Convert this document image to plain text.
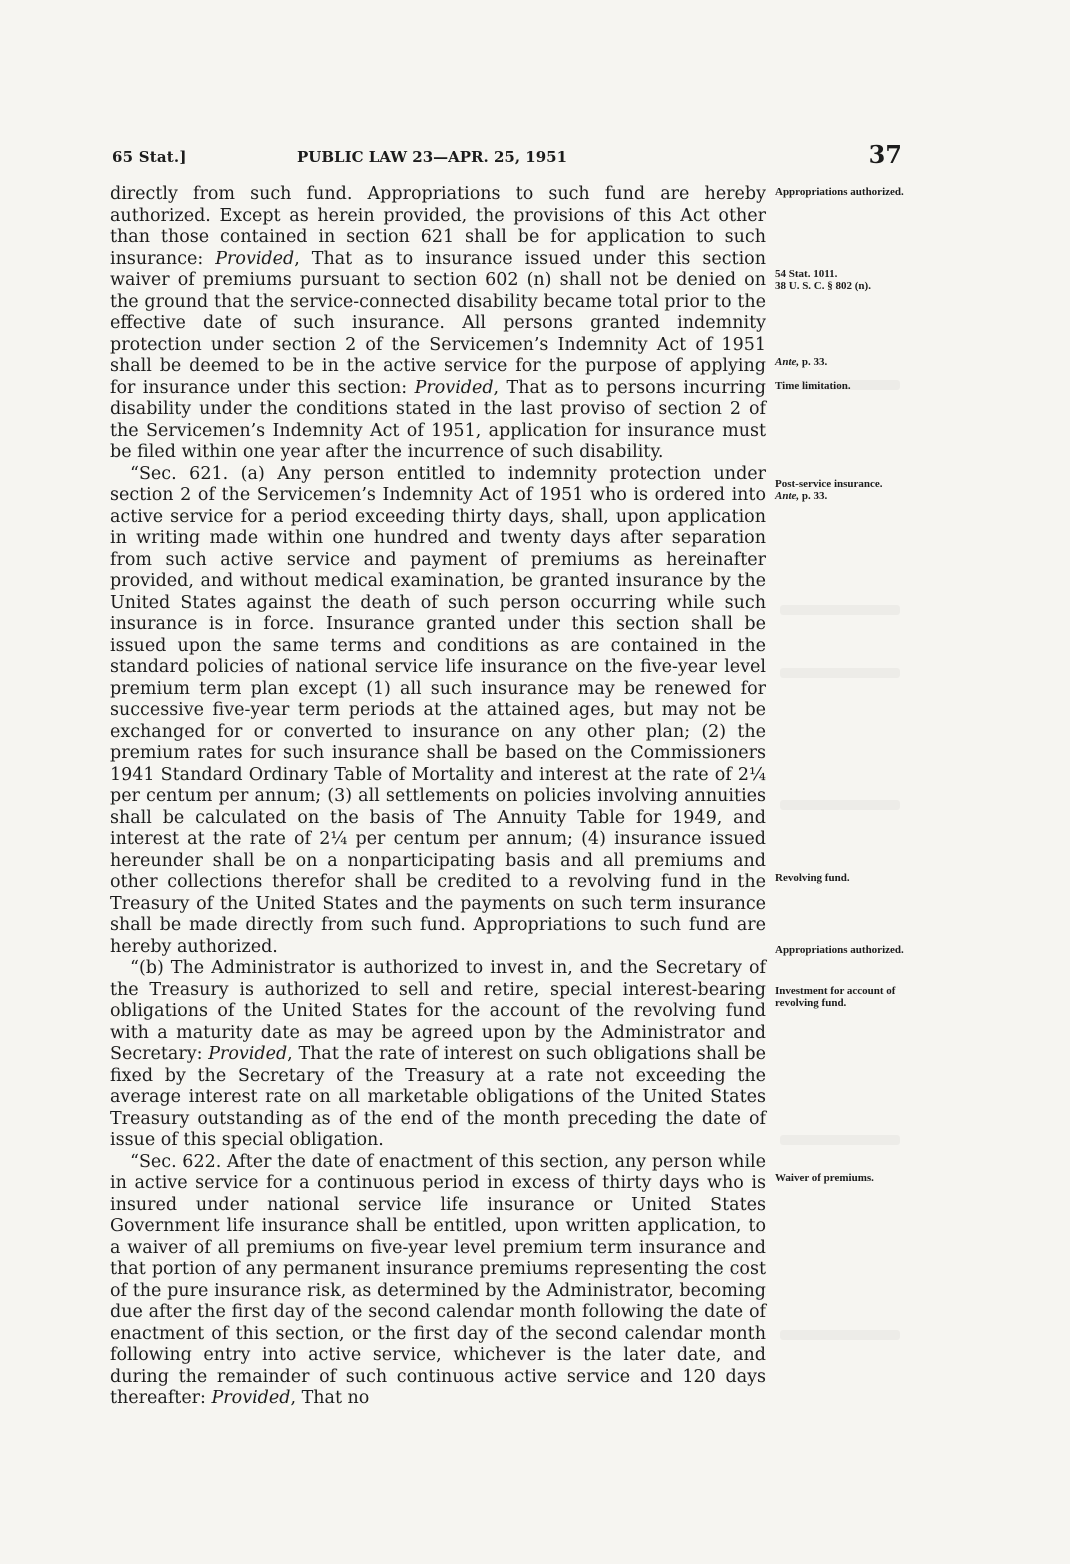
65 Stat.]	PUBLIC LAW 23—APR. 25, 1951	37

directly from such fund. Appropriations to such fund are hereby authorized. Except as herein provided, the provisions of this Act other than those contained in section 621 shall be for application to such insurance: Provided, That as to insurance issued under this section waiver of premiums pursuant to section 602 (n) shall not be denied on the ground that the service-connected disability became total prior to the effective date of such insurance. All persons granted indemnity protection under section 2 of the Servicemen’s Indemnity Act of 1951 shall be deemed to be in the active service for the purpose of applying for insurance under this section: Provided, That as to persons incurring disability under the conditions stated in the last proviso of section 2 of the Servicemen’s Indemnity Act of 1951, application for insurance must be filed within one year after the incurrence of such disability.

“Sec. 621. (a) Any person entitled to indemnity protection under section 2 of the Servicemen’s Indemnity Act of 1951 who is ordered into active service for a period exceeding thirty days, shall, upon application in writing made within one hundred and twenty days after separation from such active service and payment of premiums as hereinafter provided, and without medical examination, be granted insurance by the United States against the death of such person occurring while such insurance is in force. Insurance granted under this section shall be issued upon the same terms and conditions as are contained in the standard policies of national service life insurance on the five-year level premium term plan except (1) all such insurance may be renewed for successive five-year term periods at the attained ages, but may not be exchanged for or converted to insurance on any other plan; (2) the premium rates for such insurance shall be based on the Commissioners 1941 Standard Ordinary Table of Mortality and interest at the rate of 2¼ per centum per annum; (3) all settlements on policies involving annuities shall be calculated on the basis of The Annuity Table for 1949, and interest at the rate of 2¼ per centum per annum; (4) insurance issued hereunder shall be on a nonparticipating basis and all premiums and other collections therefor shall be credited to a revolving fund in the Treasury of the United States and the payments on such term insurance shall be made directly from such fund. Appropriations to such fund are hereby authorized.

“(b) The Administrator is authorized to invest in, and the Secretary of the Treasury is authorized to sell and retire, special interest-bearing obligations of the United States for the account of the revolving fund with a maturity date as may be agreed upon by the Administrator and Secretary: Provided, That the rate of interest on such obligations shall be fixed by the Secretary of the Treasury at a rate not exceeding the average interest rate on all marketable obligations of the United States Treasury outstanding as of the end of the month preceding the date of issue of this special obligation.

“Sec. 622. After the date of enactment of this section, any person while in active service for a continuous period in excess of thirty days who is insured under national service life insurance or United States Government life insurance shall be entitled, upon written application, to a waiver of all premiums on five-year level premium term insurance and that portion of any permanent insurance premiums representing the cost of the pure insurance risk, as determined by the Administrator, becoming due after the first day of the second calendar month following the date of enactment of this section, or the first day of the second calendar month following entry into active service, whichever is the later date, and during the remainder of such continuous active service and 120 days thereafter: Provided, That no

Appropriations authorized.
54 Stat. 1011.
38 U. S. C. § 802 (n).
Ante, p. 33.
Time limitation.
Post-service insurance.
Ante, p. 33.
Revolving fund.
Appropriations authorized.
Investment for account of revolving fund.
Waiver of premiums.
